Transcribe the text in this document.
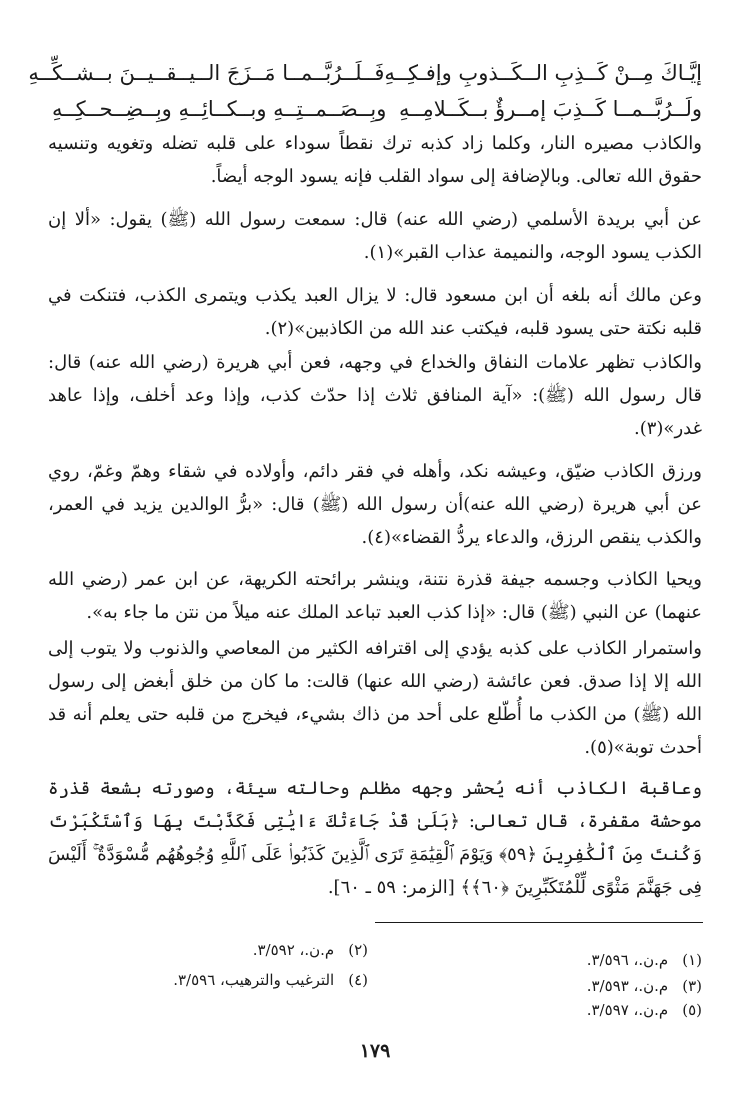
إيَّـاكَ مِــنْ كَــذِبِ الــكَــذوبِ وإفـكِــهِ
فَــلَــرُبَّــمــا مَــزَجَ الــيــقــيــنَ بــشــكِّــهِ
ولَــرُبَّــمــا كَــذِبَ إمــرؤٌ بــكَــلامِــهِ
وبِــصَــمــتِــهِ وبــكــائِــهِ وبِــضِــحــكِــهِ

والكاذب مصيره النار، وكلما زاد كذبه ترك نقطاً سوداء على قلبه تضله وتغويه وتنسيه حقوق الله تعالى. وبالإضافة إلى سواد القلب فإنه يسود الوجه أيضاً.

عن أبي بريدة الأسلمي (رضي الله عنه) قال: سمعت رسول الله (ﷺ) يقول: «ألا إن الكذب يسود الوجه، والنميمة عذاب القبر»(١).

وعن مالك أنه بلغه أن ابن مسعود قال: لا يزال العبد يكذب ويتمرى الكذب، فتنكت في قلبه نكتة حتى يسود قلبه، فيكتب عند الله من الكاذبين»(٢).

والكاذب تظهر علامات النفاق والخداع في وجهه، فعن أبي هريرة (رضي الله عنه) قال: قال رسول الله (ﷺ): «آية المنافق ثلاث إذا حدّث كذب، وإذا وعد أخلف، وإذا عاهد غدر»(٣).

ورزق الكاذب ضيّق، وعيشه نكد، وأهله في فقر دائم، وأولاده في شقاء وهمّ وغمّ، روي عن أبي هريرة (رضي الله عنه)أن رسول الله (ﷺ) قال: «برُّ الوالدين يزيد في العمر، والكذب ينقص الرزق، والدعاء يردُّ القضاء»(٤).

ويحيا الكاذب وجسمه جيفة قذرة نتنة، وينشر برائحته الكريهة، عن ابن عمر (رضي الله عنهما) عن النبي (ﷺ) قال: «إذا كذب العبد تباعد الملك عنه ميلاً من نتن ما جاء به».

واستمرار الكاذب على كذبه يؤدي إلى اقترافه الكثير من المعاصي والذنوب ولا يتوب إلى الله إلا إذا صدق. فعن عائشة (رضي الله عنها) قالت: ما كان من خلق أبغض إلى رسول الله (ﷺ) من الكذب ما أُطّلع على أحد من ذاك بشيء، فيخرج من قلبه حتى يعلم أنه قد أحدث توبة»(٥).

وعاقبة الكاذب أنه يُحشر وجهه مظلم وحالته سيئة، وصورته بشعة قذرة موحشة مقفرة، قال تعالى: ﴿بَلَىٰ قَدْ جَاءَتْكَ ءَايَٰتِى فَكَذَّبْتَ بِهَا وَٱسْتَكْبَرْتَ وَكُنتَ مِنَ ٱلْكَٰفِرِينَ ﴿٥٩﴾ وَيَوْمَ ٱلْقِيَٰمَةِ تَرَى ٱلَّذِينَ كَذَبُوا۟ عَلَى ٱللَّهِ وُجُوهُهُم مُّسْوَدَّةٌ ۚ أَلَيْسَ فِى جَهَنَّمَ مَثْوًى لِّلْمُتَكَبِّرِينَ ﴿٦٠﴾﴾ [الزمر: ٥٩ ـ ٦٠].

(١)م.ن.، ٣/٥٩٦.
(٢)م.ن.، ٣/٥٩٢.
(٣)م.ن.، ٣/٥٩٣.
(٤)الترغيب والترهيب، ٣/٥٩٦.
(٥)م.ن.، ٣/٥٩٧.
١٧٩
